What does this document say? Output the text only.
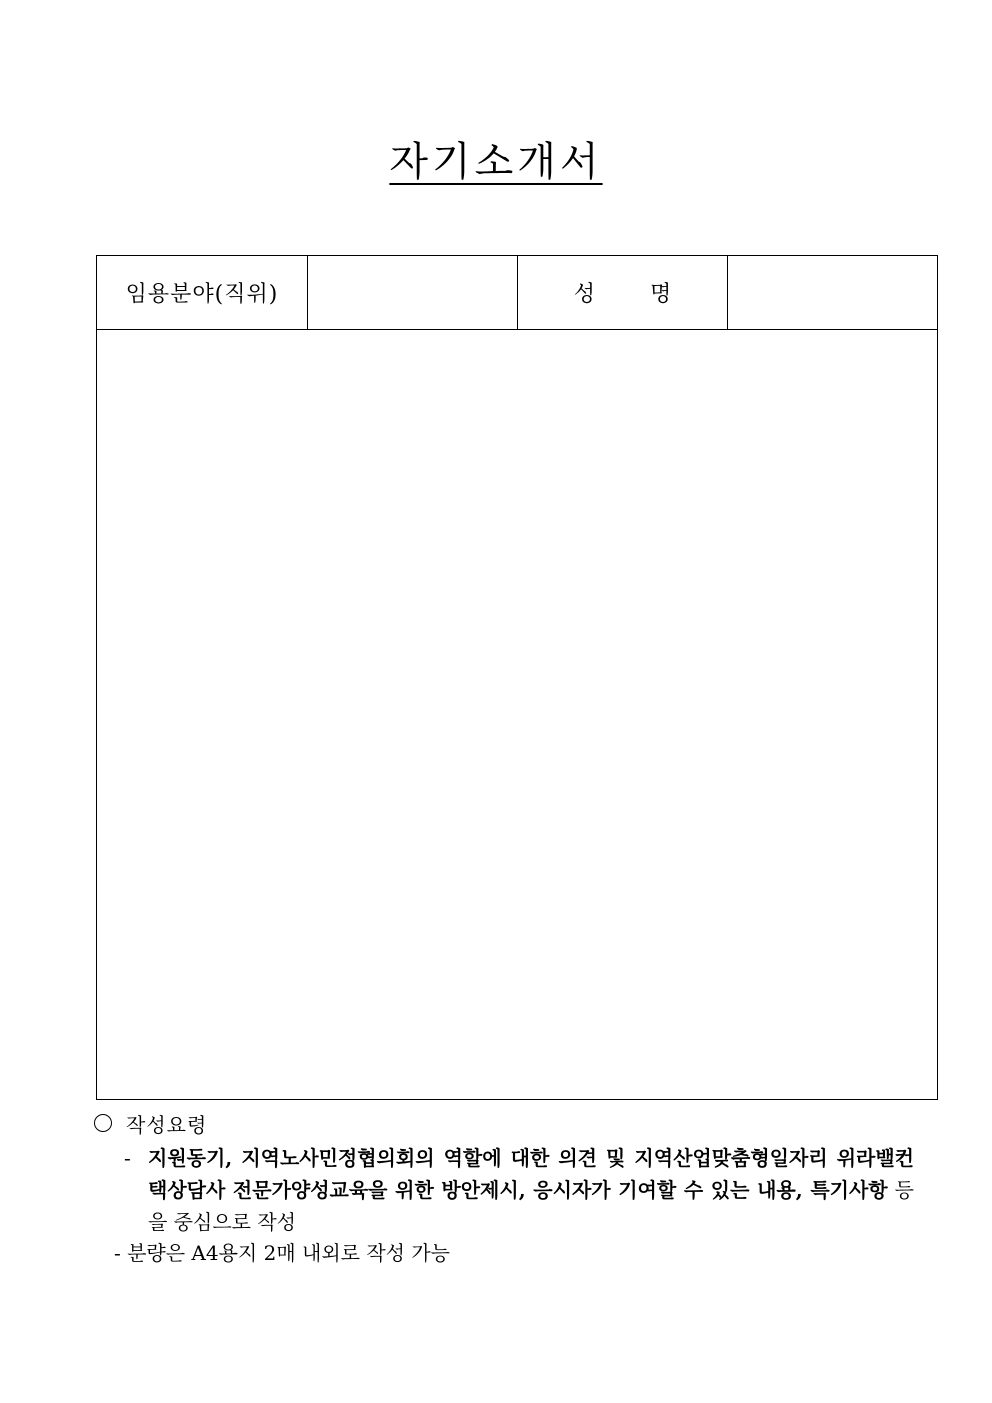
자기소개서
임용분야(직위)	성 명
작성요령
- 지원동기, 지역노사민정협의회의 역할에 대한 의견 및 지역산업맞춤형일자리 위라밸컨택상담사 전문가양성교육을 위한 방안제시, 응시자가 기여할 수 있는 내용, 특기사항 등을 중심으로 작성
- 분량은 A4용지 2매 내외로 작성 가능
